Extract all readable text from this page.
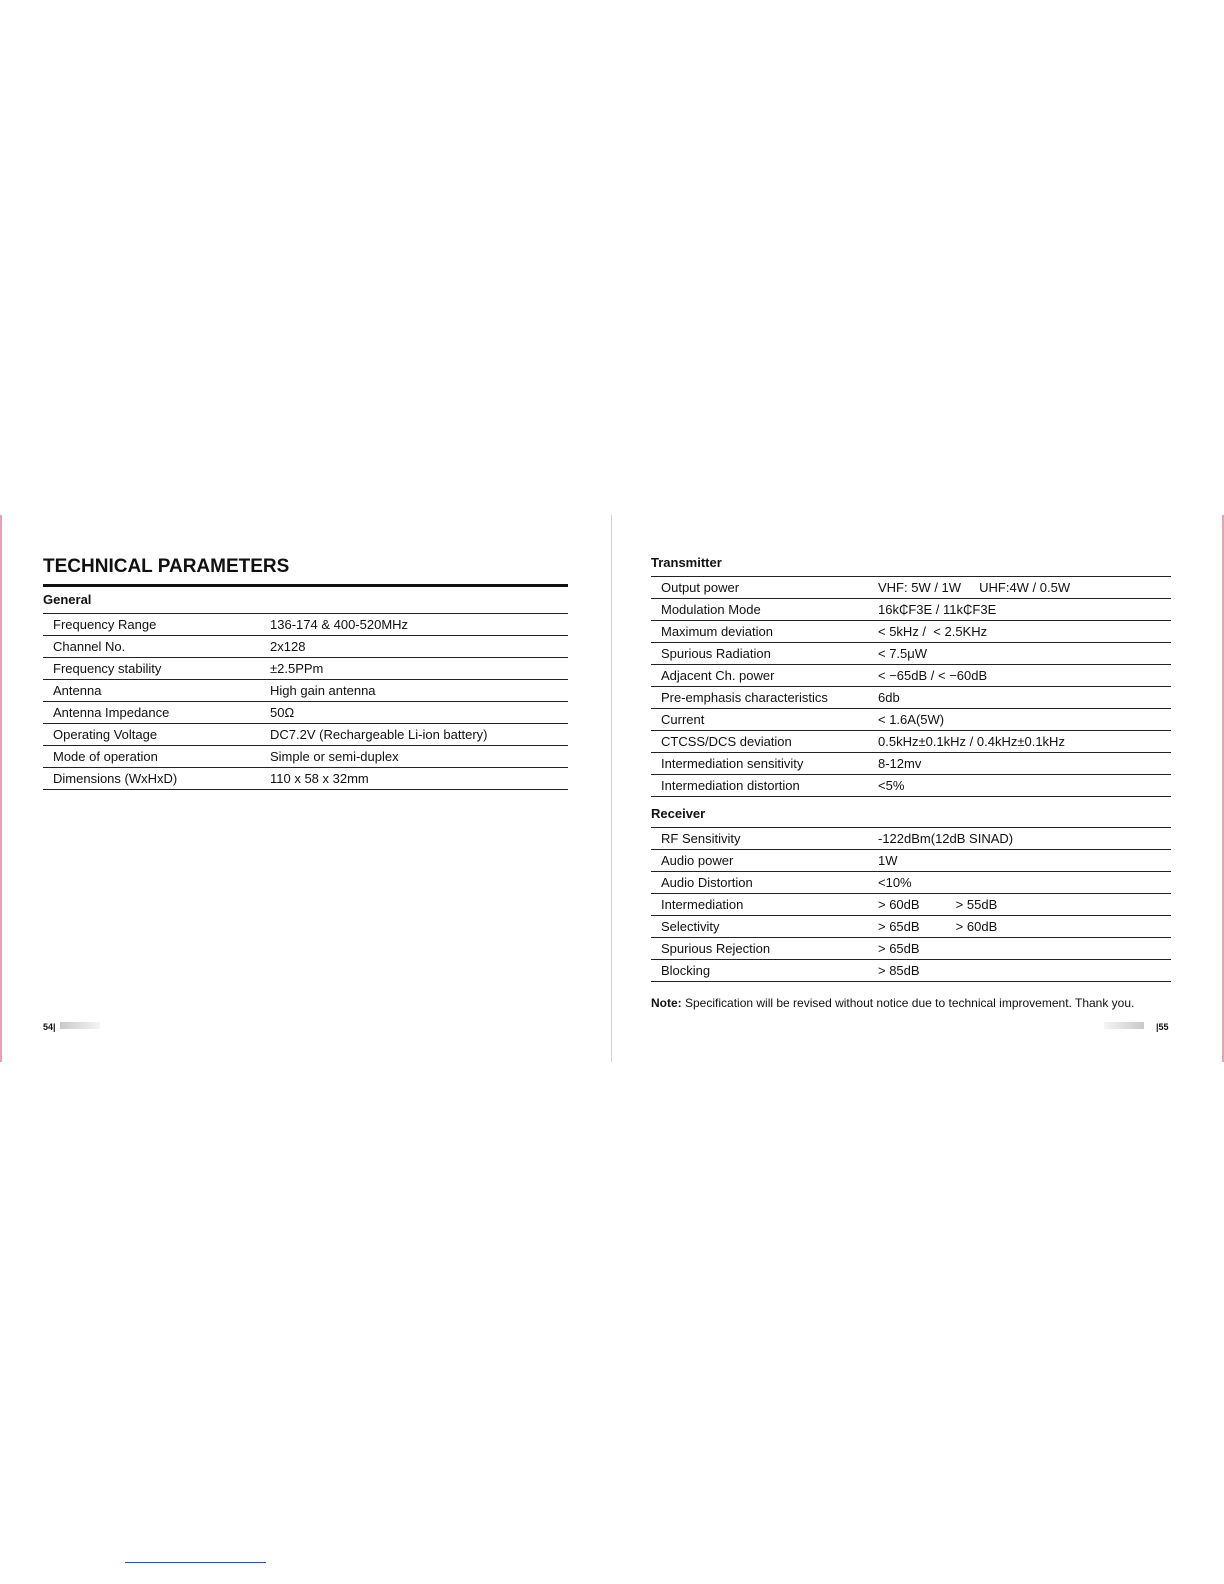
TECHNICAL PARAMETERS
General
Frequency Range	136-174 & 400-520MHz
Channel No.	2x128
Frequency stability	±2.5PPm
Antenna	High gain antenna
Antenna Impedance	50Ω
Operating Voltage	DC7.2V (Rechargeable Li-ion battery)
Mode of operation	Simple or semi-duplex
Dimensions (WxHxD)	110 x 58 x 32mm
54|
Transmitter
Output power	VHF: 5W / 1W     UHF:4W / 0.5W
Modulation Mode	16k₵F3E / 11k₵F3E
Maximum deviation	< 5kHz /  < 2.5KHz
Spurious Radiation	< 7.5μW
Adjacent Ch. power	< −65dB / < −60dB
Pre-emphasis characteristics	6db
Current	< 1.6A(5W)
CTCSS/DCS deviation	0.5kHz±0.1kHz / 0.4kHz±0.1kHz
Intermediation sensitivity	8-12mv
Intermediation distortion	<5%
Receiver
RF Sensitivity	-122dBm(12dB SINAD)
Audio power	1W
Audio Distortion	<10%
Intermediation	> 60dB          > 55dB
Selectivity	> 65dB          > 60dB
Spurious Rejection	> 65dB
Blocking	> 85dB
Note: Specification will be revised without notice due to technical improvement. Thank you.
|55
